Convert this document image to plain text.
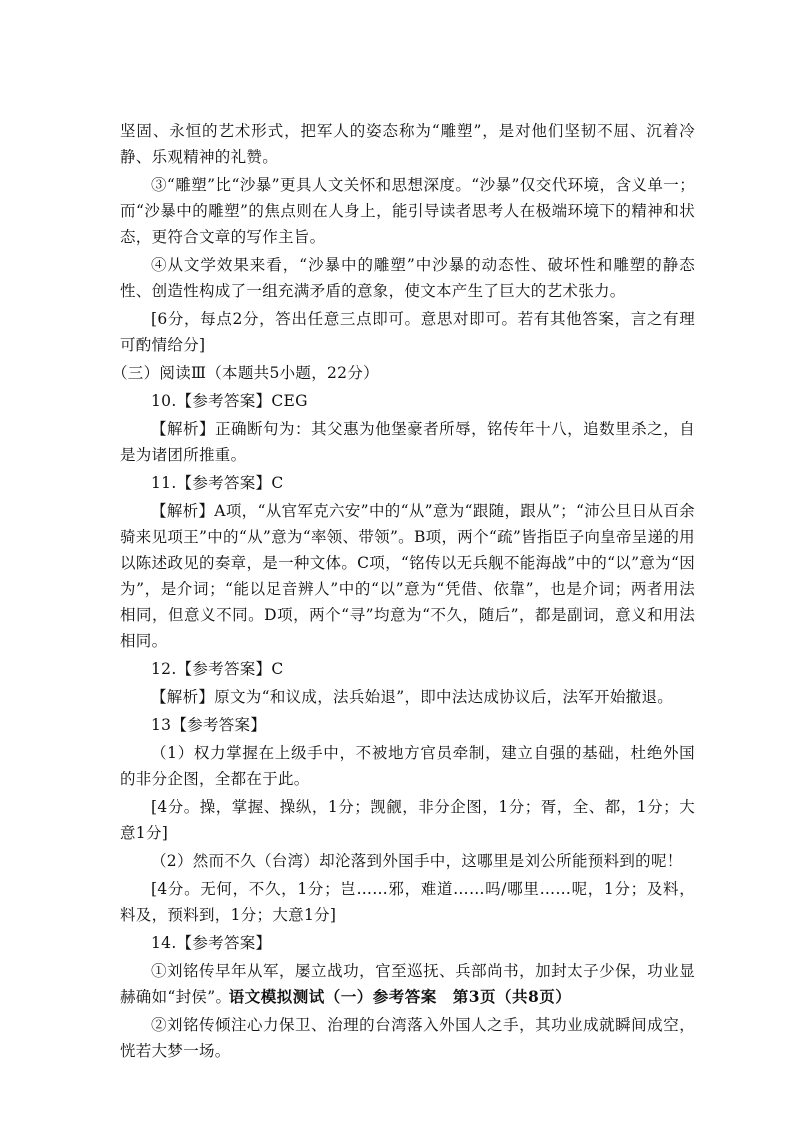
坚固、永恒的艺术形式，把军人的姿态称为“雕塑”，是对他们坚韧不屈、沉着冷静、乐观精神的礼赞。

③“雕塑”比“沙暴”更具人文关怀和思想深度。“沙暴”仅交代环境，含义单一；而“沙暴中的雕塑”的焦点则在人身上，能引导读者思考人在极端环境下的精神和状态，更符合文章的写作主旨。

④从文学效果来看，“沙暴中的雕塑”中沙暴的动态性、破坏性和雕塑的静态性、创造性构成了一组充满矛盾的意象，使文本产生了巨大的艺术张力。

[6分，每点2分，答出任意三点即可。意思对即可。若有其他答案，言之有理可酌情给分]

（三）阅读Ⅲ（本题共5小题，22分）

10.【参考答案】CEG

【解析】正确断句为：其父惠为他堡豪者所辱，铭传年十八，追数里杀之，自是为诸团所推重。

11.【参考答案】C

【解析】A项，“从官军克六安”中的“从”意为“跟随，跟从”；“沛公旦日从百余骑来见项王”中的“从”意为“率领、带领”。B项，两个“疏”皆指臣子向皇帝呈递的用以陈述政见的奏章，是一种文体。C项，“铭传以无兵舰不能海战”中的“以”意为“因为”，是介词；“能以足音辨人”中的“以”意为“凭借、依靠”，也是介词；两者用法相同，但意义不同。D项，两个“寻”均意为“不久，随后”，都是副词，意义和用法相同。

12.【参考答案】C

【解析】原文为“和议成，法兵始退”，即中法达成协议后，法军开始撤退。

13【参考答案】

（1）权力掌握在上级手中，不被地方官员牵制，建立自强的基础，杜绝外国的非分企图，全都在于此。

[4分。操，掌握、操纵，1分；觊觎，非分企图，1分；胥，全、都，1分；大意1分]

（2）然而不久（台湾）却沦落到外国手中，这哪里是刘公所能预料到的呢！

[4分。无何，不久，1分；岂……邪，难道……吗/哪里……呢，1分；及料，料及，预料到，1分；大意1分]

14.【参考答案】

①刘铭传早年从军，屡立战功，官至巡抚、兵部尚书，加封太子少保，功业显赫确如“封侯”。

②刘铭传倾注心力保卫、治理的台湾落入外国人之手，其功业成就瞬间成空，恍若大梦一场。

语文模拟测试（一）参考答案　第3页（共8页）
